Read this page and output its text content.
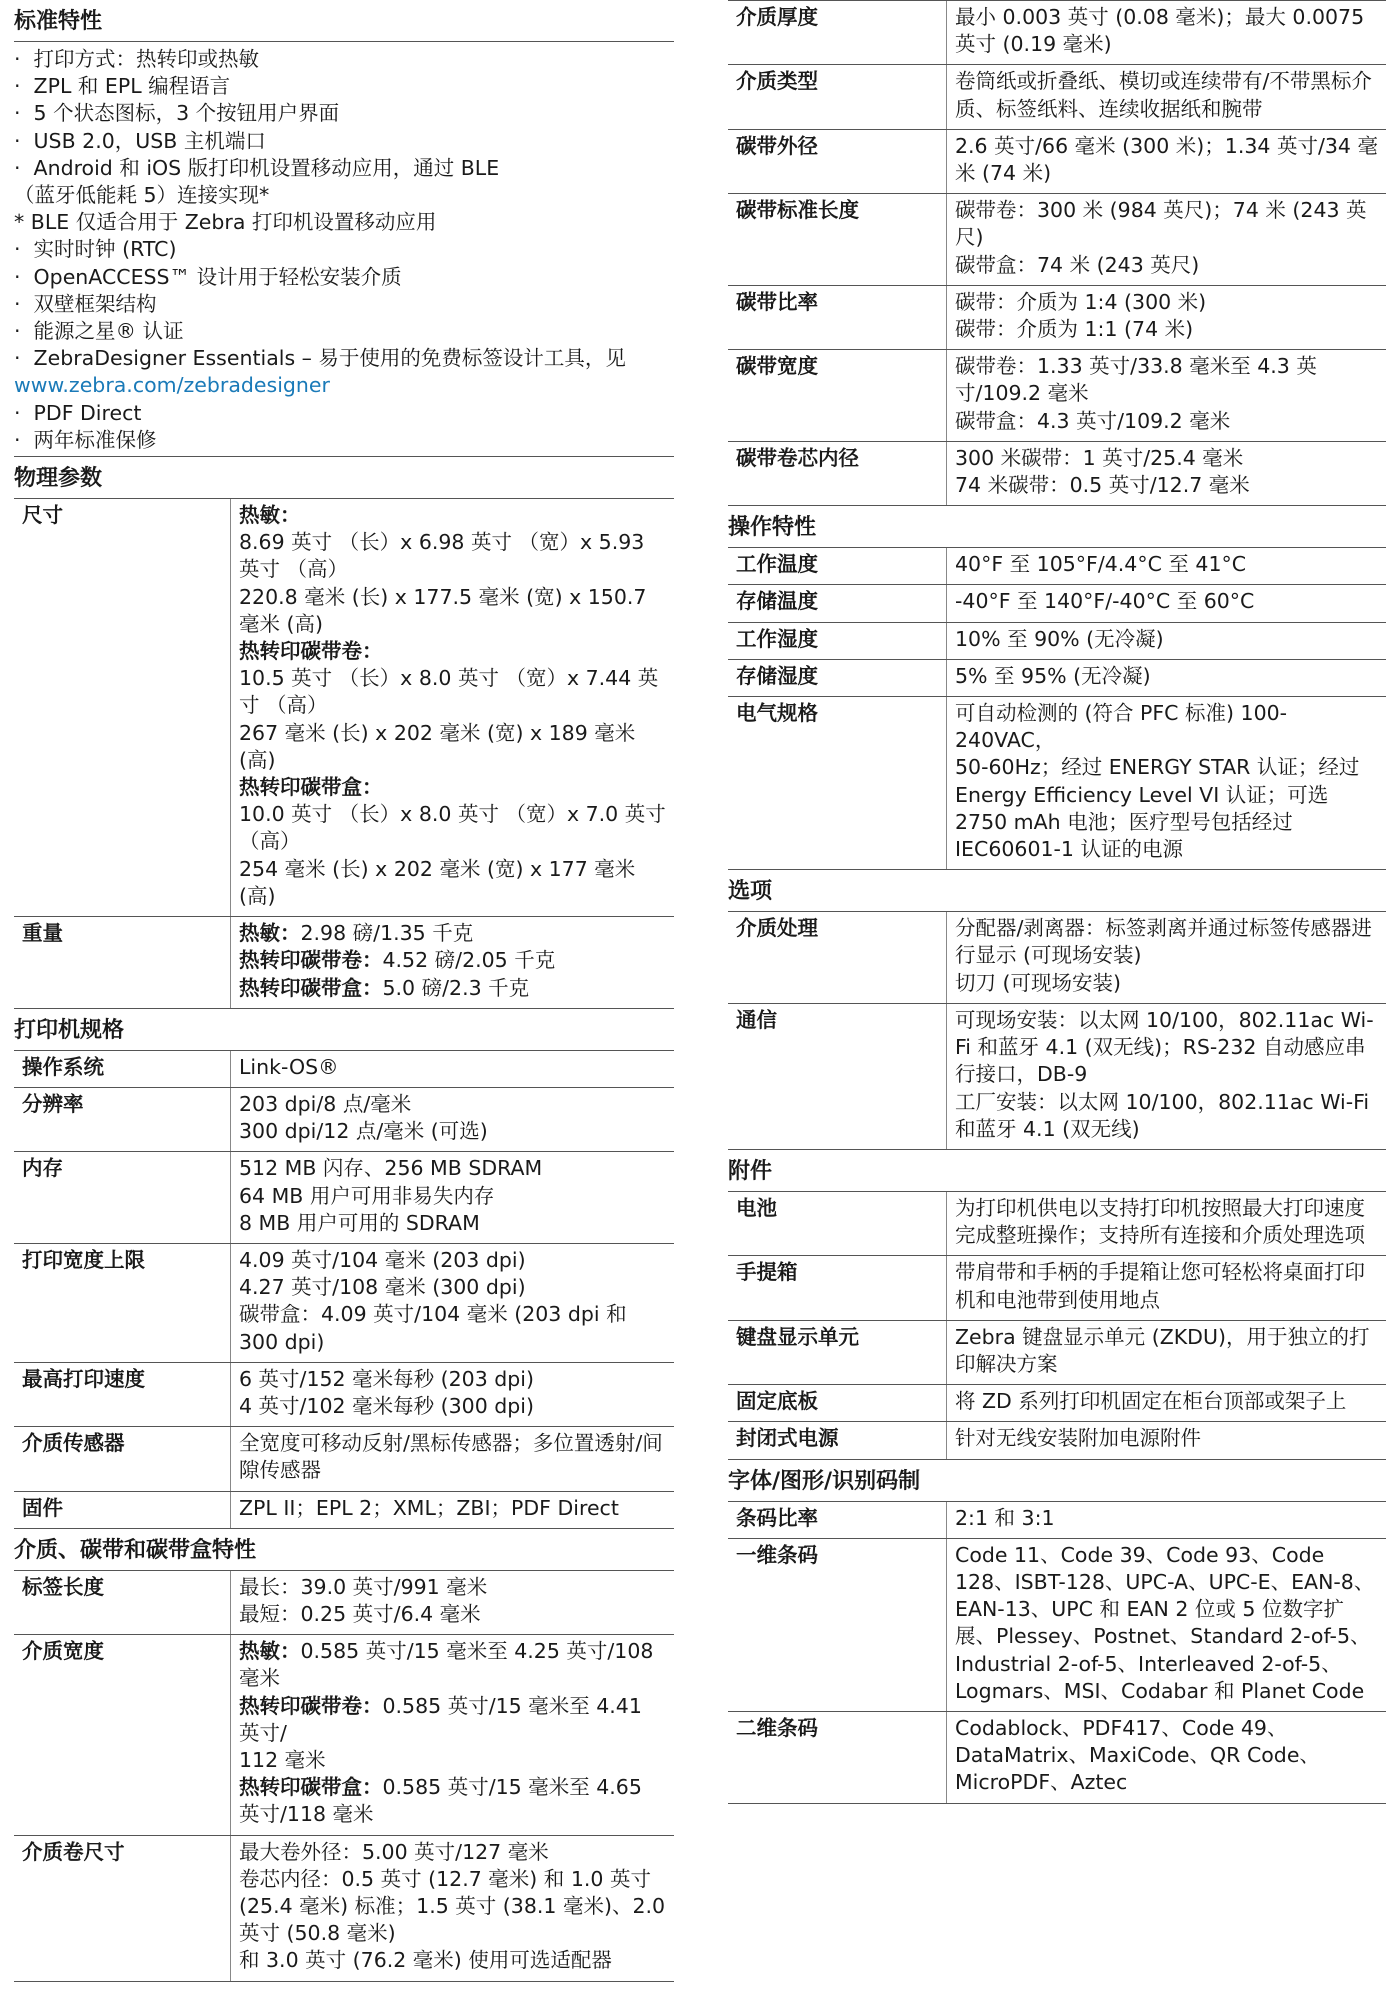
标准特性
·  打印方式：热转印或热敏
·  ZPL 和 EPL 编程语言
·  5 个状态图标，3 个按钮用户界面
·  USB 2.0，USB 主机端口
·  Android 和 iOS 版打印机设置移动应用，通过 BLE
（蓝牙低能耗 5）连接实现*
* BLE 仅适合用于 Zebra 打印机设置移动应用
·  实时时钟 (RTC)
·  OpenACCESS™ 设计用于轻松安装介质
·  双壁框架结构
·  能源之星® 认证
·  ZebraDesigner Essentials – 易于使用的免费标签设计工具，见
www.zebra.com/zebradesigner
·  PDF Direct
·  两年标准保修
物理参数
尺寸	热敏：
8.69 英寸 （长）x 6.98 英寸 （宽）x 5.93 英寸 （高）
220.8 毫米 (长) x 177.5 毫米 (宽) x 150.7 毫米 (高)
热转印碳带卷：
10.5 英寸 （长）x 8.0 英寸 （宽）x 7.44 英寸 （高）
267 毫米 (长) x 202 毫米 (宽) x 189 毫米 (高)
热转印碳带盒：
10.0 英寸 （长）x 8.0 英寸 （宽）x 7.0 英寸 （高）
254 毫米 (长) x 202 毫米 (宽) x 177 毫米 (高)
重量	热敏：2.98 磅/1.35 千克
热转印碳带卷：4.52 磅/2.05 千克
热转印碳带盒：5.0 磅/2.3 千克
打印机规格
操作系统	Link-OS®
分辨率	203 dpi/8 点/毫米
300 dpi/12 点/毫米 (可选)
内存	512 MB 闪存、256 MB SDRAM
64 MB 用户可用非易失内存
8 MB 用户可用的 SDRAM
打印宽度上限	4.09 英寸/104 毫米 (203 dpi)
4.27 英寸/108 毫米 (300 dpi)
碳带盒：4.09 英寸/104 毫米 (203 dpi 和 300 dpi)
最高打印速度	6 英寸/152 毫米每秒 (203 dpi)
4 英寸/102 毫米每秒 (300 dpi)
介质传感器	全宽度可移动反射/黑标传感器；多位置透射/间隙传感器
固件	ZPL II；EPL 2；XML；ZBI；PDF Direct
介质、碳带和碳带盒特性
标签长度	最长：39.0 英寸/991 毫米
最短：0.25 英寸/6.4 毫米
介质宽度	热敏：0.585 英寸/15 毫米至 4.25 英寸/108 毫米
热转印碳带卷：0.585 英寸/15 毫米至 4.41 英寸/
112 毫米
热转印碳带盒：0.585 英寸/15 毫米至 4.65 英寸/118 毫米
介质卷尺寸	最大卷外径：5.00 英寸/127 毫米
卷芯内径：0.5 英寸 (12.7 毫米) 和 1.0 英寸 (25.4 毫米) 标准；1.5 英寸 (38.1 毫米)、2.0 英寸 (50.8 毫米)
和 3.0 英寸 (76.2 毫米) 使用可选适配器
介质厚度	最小 0.003 英寸 (0.08 毫米)；最大 0.0075 英寸 (0.19 毫米)
介质类型	卷筒纸或折叠纸、模切或连续带有/不带黑标介质、标签纸料、连续收据纸和腕带
碳带外径	2.6 英寸/66 毫米 (300 米)；1.34 英寸/34 毫米 (74 米)
碳带标准长度	碳带卷：300 米 (984 英尺)；74 米 (243 英尺)
碳带盒：74 米 (243 英尺)
碳带比率	碳带：介质为 1:4 (300 米)
碳带：介质为 1:1 (74 米)
碳带宽度	碳带卷：1.33 英寸/33.8 毫米至 4.3 英寸/109.2 毫米
碳带盒：4.3 英寸/109.2 毫米
碳带卷芯内径	300 米碳带：1 英寸/25.4 毫米
74 米碳带：0.5 英寸/12.7 毫米
操作特性
工作温度	40°F 至 105°F/4.4°C 至 41°C
存储温度	-40°F 至 140°F/-40°C 至 60°C
工作湿度	10% 至 90% (无冷凝)
存储湿度	5% 至 95% (无冷凝)
电气规格	可自动检测的 (符合 PFC 标准) 100-240VAC，
50-60Hz；经过 ENERGY STAR 认证；经过 Energy Efficiency Level VI 认证；可选 2750 mAh 电池；医疗型号包括经过 IEC60601-1 认证的电源
选项
介质处理	分配器/剥离器：标签剥离并通过标签传感器进行显示 (可现场安装)
切刀 (可现场安装)
通信	可现场安装：以太网 10/100，802.11ac Wi-Fi 和蓝牙 4.1 (双无线)；RS-232 自动感应串行接口，DB-9
工厂安装：以太网 10/100，802.11ac Wi-Fi 和蓝牙 4.1 (双无线)
附件
电池	为打印机供电以支持打印机按照最大打印速度完成整班操作；支持所有连接和介质处理选项
手提箱	带肩带和手柄的手提箱让您可轻松将桌面打印机和电池带到使用地点
键盘显示单元	Zebra 键盘显示单元 (ZKDU)，用于独立的打印解决方案
固定底板	将 ZD 系列打印机固定在柜台顶部或架子上
封闭式电源	针对无线安装附加电源附件
字体/图形/识别码制
条码比率	2:1 和 3:1
一维条码	Code 11、Code 39、Code 93、Code 128、ISBT-128、UPC-A、UPC-E、EAN-8、EAN-13、UPC 和 EAN 2 位或 5 位数字扩展、Plessey、Postnet、Standard 2-of-5、Industrial 2-of-5、Interleaved 2-of-5、Logmars、MSI、Codabar 和 Planet Code
二维条码	Codablock、PDF417、Code 49、DataMatrix、MaxiCode、QR Code、MicroPDF、Aztec
